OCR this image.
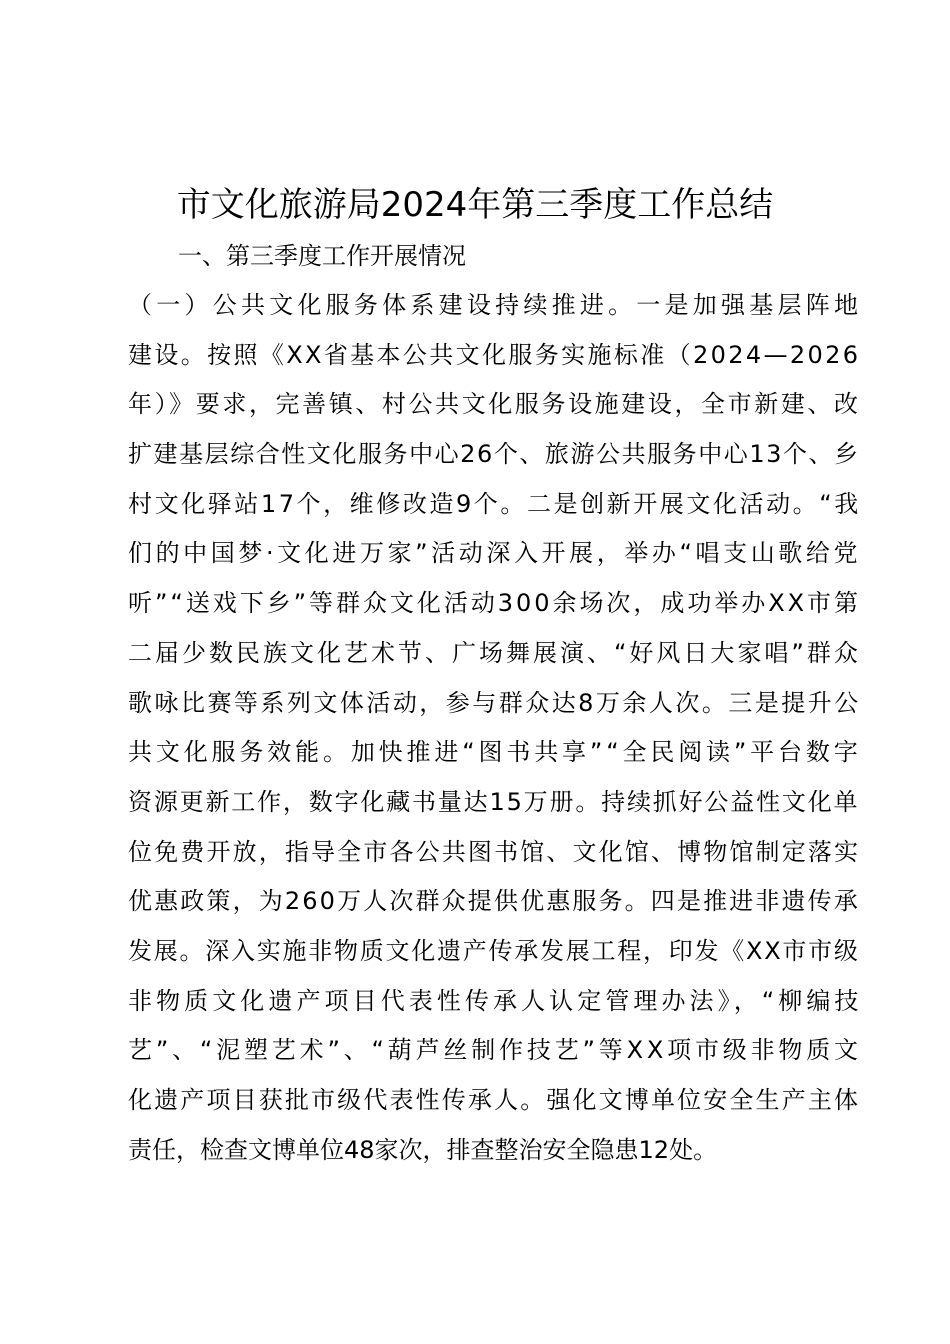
市文化旅游局2024年第三季度工作总结
一、第三季度工作开展情况
（一）公共文化服务体系建设持续推进。一是加强基层阵地
建设。按照《XX省基本公共文化服务实施标准（2024—2026
年）》要求，完善镇、村公共文化服务设施建设，全市新建、改
扩建基层综合性文化服务中心26个、旅游公共服务中心13个、乡
村文化驿站17个，维修改造9个。二是创新开展文化活动。“我
们的中国梦·文化进万家”活动深入开展，举办“唱支山歌给党
听”“送戏下乡”等群众文化活动300余场次，成功举办XX市第
二届少数民族文化艺术节、广场舞展演、“好风日大家唱”群众
歌咏比赛等系列文体活动，参与群众达8万余人次。三是提升公
共文化服务效能。加快推进“图书共享”“全民阅读”平台数字
资源更新工作，数字化藏书量达15万册。持续抓好公益性文化单
位免费开放，指导全市各公共图书馆、文化馆、博物馆制定落实
优惠政策，为260万人次群众提供优惠服务。四是推进非遗传承
发展。深入实施非物质文化遗产传承发展工程，印发《XX市市级
非物质文化遗产项目代表性传承人认定管理办法》，“柳编技
艺”、“泥塑艺术”、“葫芦丝制作技艺”等XX项市级非物质文
化遗产项目获批市级代表性传承人。强化文博单位安全生产主体
责任，检查文博单位48家次，排查整治安全隐患12处。
